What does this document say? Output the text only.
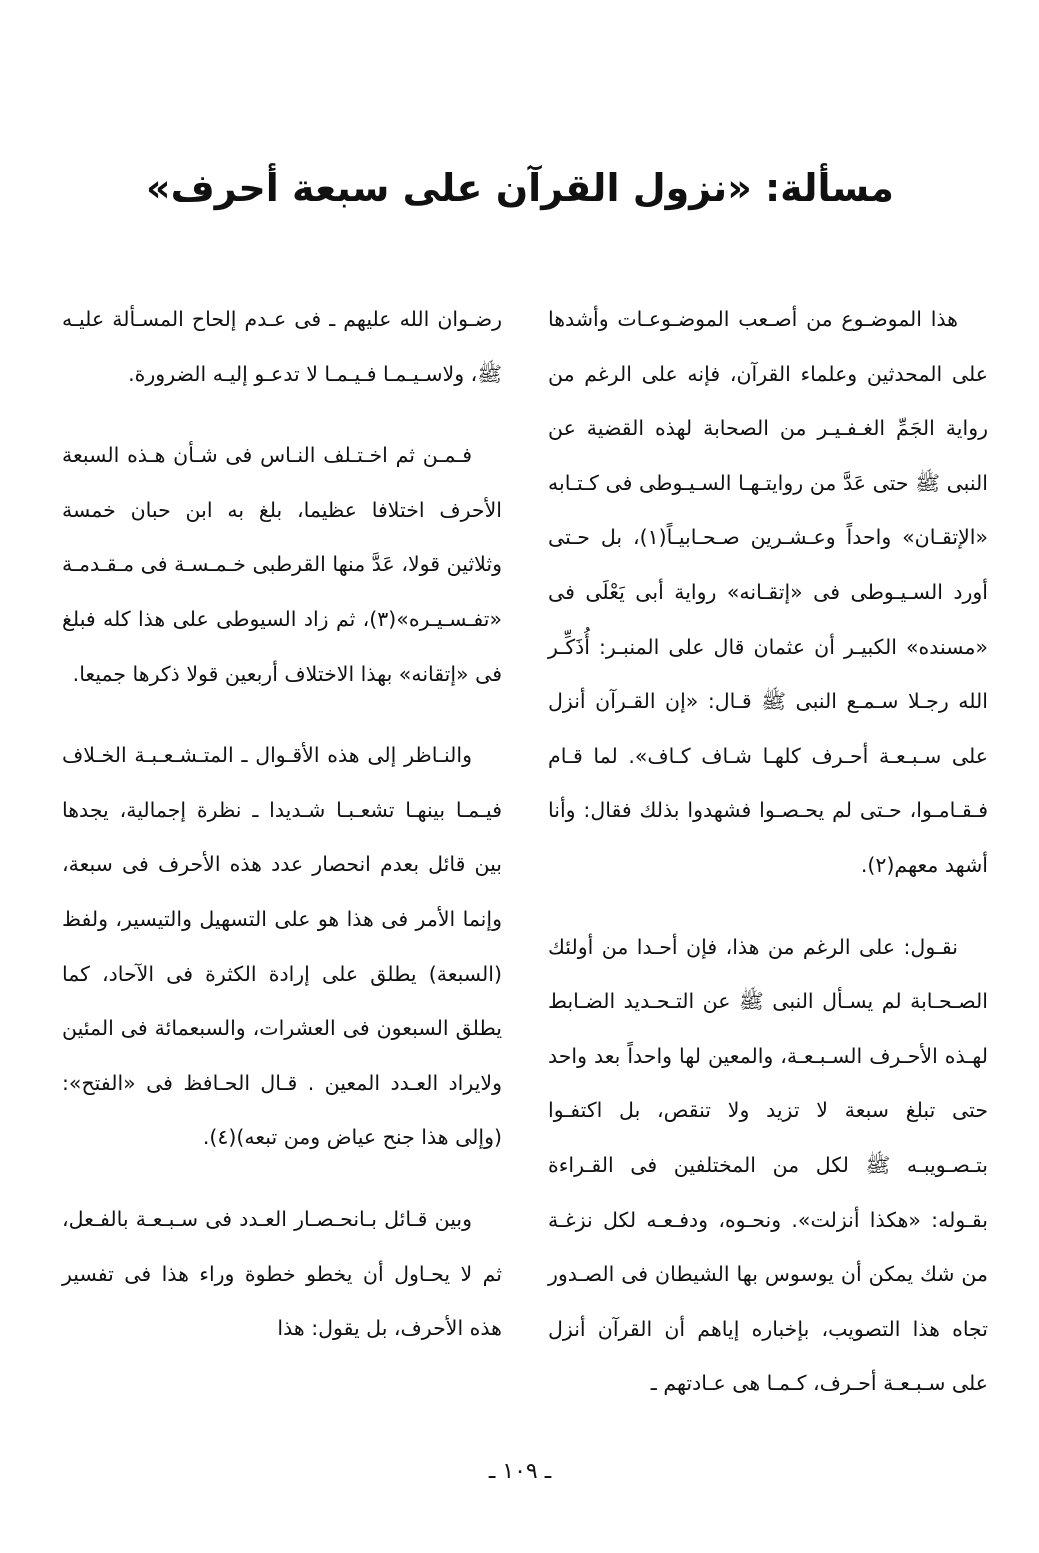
مسألة: «نزول القرآن على سبعة أحرف»

هذا الموضـوع من أصـعب الموضـوعـات وأشدها على المحدثين وعلماء القرآن، فإنه على الرغم من رواية الجَمِّ الغـفـيـر من الصحابة لهذه القضية عن النبى ﷺ حتى عَدَّ من روايتـهـا السـيـوطى فى كـتـابه «الإتقـان» واحداً وعـشـرين صـحـابيـاً(١)، بل حـتى أورد السـيـوطى فى «إتقـانه» رواية أبى يَعْلَى فى «مسنده» الكبيـر أن عثمان قال على المنبـر: أُذَكِّـر الله رجـلا سـمـع النبى ﷺ قـال: «إن القـرآن أنزل على سـبـعـة أحـرف كلهـا شـاف كـاف». لما قـام فـقـامـوا، حـتى لم يحـصـوا فشهدوا بذلك فقال: وأنا أشهد معهم(٢).

نقـول: على الرغم من هذا، فإن أحـدا من أولئك الصـحـابة لم يسـأل النبى ﷺ عن التـحـديد الضـابط لهـذه الأحـرف السـبـعـة، والمعين لها واحداً بعد واحد حتى تبلغ سبعة لا تزيد ولا تنقص، بل اكتفـوا بتـصـويبـه ﷺ لكل من المختلفين فى القـراءة بقـوله: «هكذا أنزلت». ونحـوه، ودفـعـه لكل نزغـة من شك يمكن أن يوسوس بها الشيطان فى الصـدور تجاه هذا التصويب، بإخباره إياهم أن القرآن أنزل على سـبـعـة أحـرف، كـمـا هى عـادتهم ـ

رضـوان الله عليهم ـ فى عـدم إلحاح المسـألة عليـه ﷺ، ولاسـيـمـا فـيـمـا لا تدعـو إليـه الضرورة.

فـمـن ثم اخـتـلف النـاس فى شـأن هـذه السبعة الأحرف اختلافا عظيما، بلغ به ابن حبان خمسة وثلاثين قولا، عَدَّ منها القرطبى خـمـسـة فى مـقـدمـة «تفـسـيـره»(٣)، ثم زاد السيوطى على هذا كله فبلغ فى «إتقانه» بهذا الاختلاف أربعين قولا ذكرها جميعا.

والنـاظر إلى هذه الأقـوال ـ المتـشـعـبـة الخـلاف فيـمـا بينهـا تشعـبـا شـديدا ـ نظرة إجمالية، يجدها بين قائل بعدم انحصار عدد هذه الأحرف فى سبعة، وإنما الأمر فى هذا هو على التسهيل والتيسير، ولفظ (السبعة) يطلق على إرادة الكثرة فى الآحاد، كما يطلق السبعون فى العشرات، والسبعمائة فى المئين ولايراد العـدد المعين . قـال الحـافظ فى «الفتح»: (وإلى هذا جنح عياض ومن تبعه)(٤).

وبين قـائل بـانحـصـار العـدد فى سـبـعـة بالفـعل، ثم لا يحـاول أن يخطو خطوة وراء هذا فى تفسير هذه الأحرف، بل يقول: هذا

ـ ١٠٩ ـ
